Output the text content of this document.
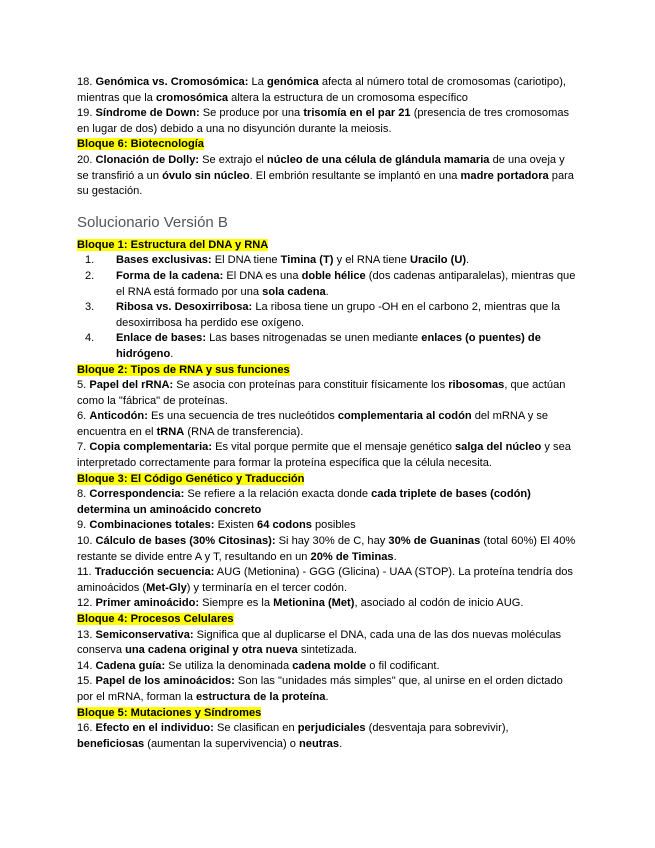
18. Genómica vs. Cromosómica: La genómica afecta al número total de cromosomas (cariotipo), mientras que la cromosómica altera la estructura de un cromosoma específico

19. Síndrome de Down: Se produce por una trisomía en el par 21 (presencia de tres cromosomas en lugar de dos) debido a una no disyunción durante la meiosis.

Bloque 6: Biotecnología

20. Clonación de Dolly: Se extrajo el núcleo de una célula de glándula mamaria de una oveja y se transfirió a un óvulo sin núcleo. El embrión resultante se implantó en una madre portadora para su gestación.

Solucionario Versión B

Bloque 1: Estructura del DNA y RNA

1. Bases exclusivas: El DNA tiene Timina (T) y el RNA tiene Uracilo (U).
2. Forma de la cadena: El DNA es una doble hélice (dos cadenas antiparalelas), mientras que el RNA está formado por una sola cadena.
3. Ribosa vs. Desoxirribosa: La ribosa tiene un grupo -OH en el carbono 2, mientras que la desoxirribosa ha perdido ese oxígeno.
4. Enlace de bases: Las bases nitrogenadas se unen mediante enlaces (o puentes) de hidrógeno.

Bloque 2: Tipos de RNA y sus funciones

5. Papel del rRNA: Se asocia con proteínas para constituir físicamente los ribosomas, que actúan como la "fábrica" de proteínas.

6. Anticodón: Es una secuencia de tres nucleótidos complementaria al codón del mRNA y se encuentra en el tRNA (RNA de transferencia).

7. Copia complementaria: Es vital porque permite que el mensaje genético salga del núcleo y sea interpretado correctamente para formar la proteína específica que la célula necesita.

Bloque 3: El Código Genético y Traducción

8. Correspondencia: Se refiere a la relación exacta donde cada triplete de bases (codón) determina un aminoácido concreto

9. Combinaciones totales: Existen 64 codons posibles

10. Cálculo de bases (30% Citosinas): Si hay 30% de C, hay 30% de Guaninas (total 60%) El 40% restante se divide entre A y T, resultando en un 20% de Timinas.

11. Traducción secuencia: AUG (Metionina) - GGG (Glicina) - UAA (STOP). La proteína tendría dos aminoácidos (Met-Gly) y terminaría en el tercer codón.

12. Primer aminoácido: Siempre es la Metionina (Met), asociado al codón de inicio AUG.

Bloque 4: Procesos Celulares

13. Semiconservativa: Significa que al duplicarse el DNA, cada una de las dos nuevas moléculas conserva una cadena original y otra nueva sintetizada.

14. Cadena guía: Se utiliza la denominada cadena molde o fil codificant.

15. Papel de los aminoácidos: Son las "unidades más simples" que, al unirse en el orden dictado por el mRNA, forman la estructura de la proteína.

Bloque 5: Mutaciones y Síndromes

16. Efecto en el individuo: Se clasifican en perjudiciales (desventaja para sobrevivir), beneficiosas (aumentan la supervivencia) o neutras.
